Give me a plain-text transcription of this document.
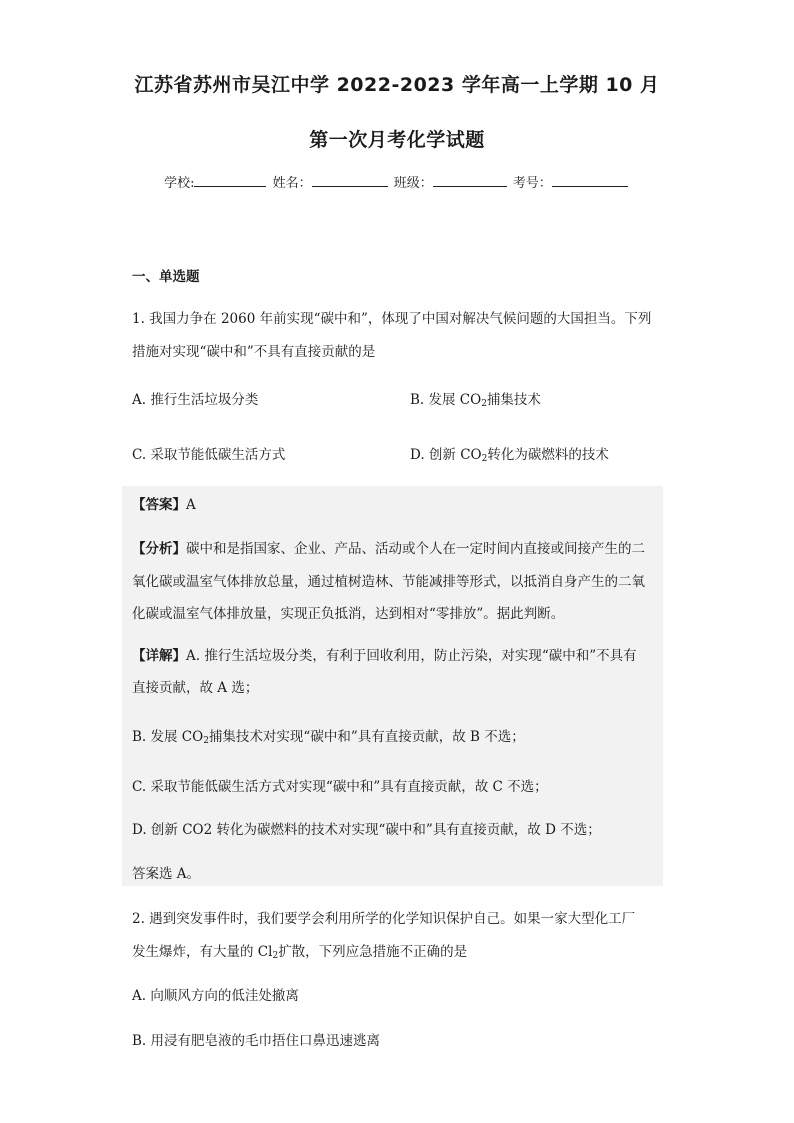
江苏省苏州市吴江中学 2022-2023 学年高一上学期 10 月
第一次月考化学试题
学校:	姓名：	班级：	考号：
一、单选题
1. 我国力争在 2060 年前实现“碳中和”，体现了中国对解决气候问题的大国担当。下列
措施对实现“碳中和”不具有直接贡献的是
A. 推行生活垃圾分类	B. 发展 $CO_2$捕集技术
C. 采取节能低碳生活方式	D. 创新 $CO_2$转化为碳燃料的技术
【答案】A
【分析】碳中和是指国家、企业、产品、活动或个人在一定时间内直接或间接产生的二
氧化碳或温室气体排放总量，通过植树造林、节能减排等形式，以抵消自身产生的二氧
化碳或温室气体排放量，实现正负抵消，达到相对“零排放”。据此判断。
【详解】A. 推行生活垃圾分类，有利于回收利用，防止污染，对实现“碳中和”不具有
直接贡献，故 A 选；
B. 发展 $CO_2$捕集技术对实现“碳中和”具有直接贡献，故 B 不选；
C. 采取节能低碳生活方式对实现“碳中和”具有直接贡献，故 C 不选；
D. 创新 CO2 转化为碳燃料的技术对实现“碳中和”具有直接贡献，故 D 不选；
答案选 A。
2. 遇到突发事件时，我们要学会利用所学的化学知识保护自己。如果一家大型化工厂
发生爆炸，有大量的 $Cl_2$扩散，下列应急措施不正确的是
A. 向顺风方向的低洼处撤离
B. 用浸有肥皂液的毛巾捂住口鼻迅速逃离
